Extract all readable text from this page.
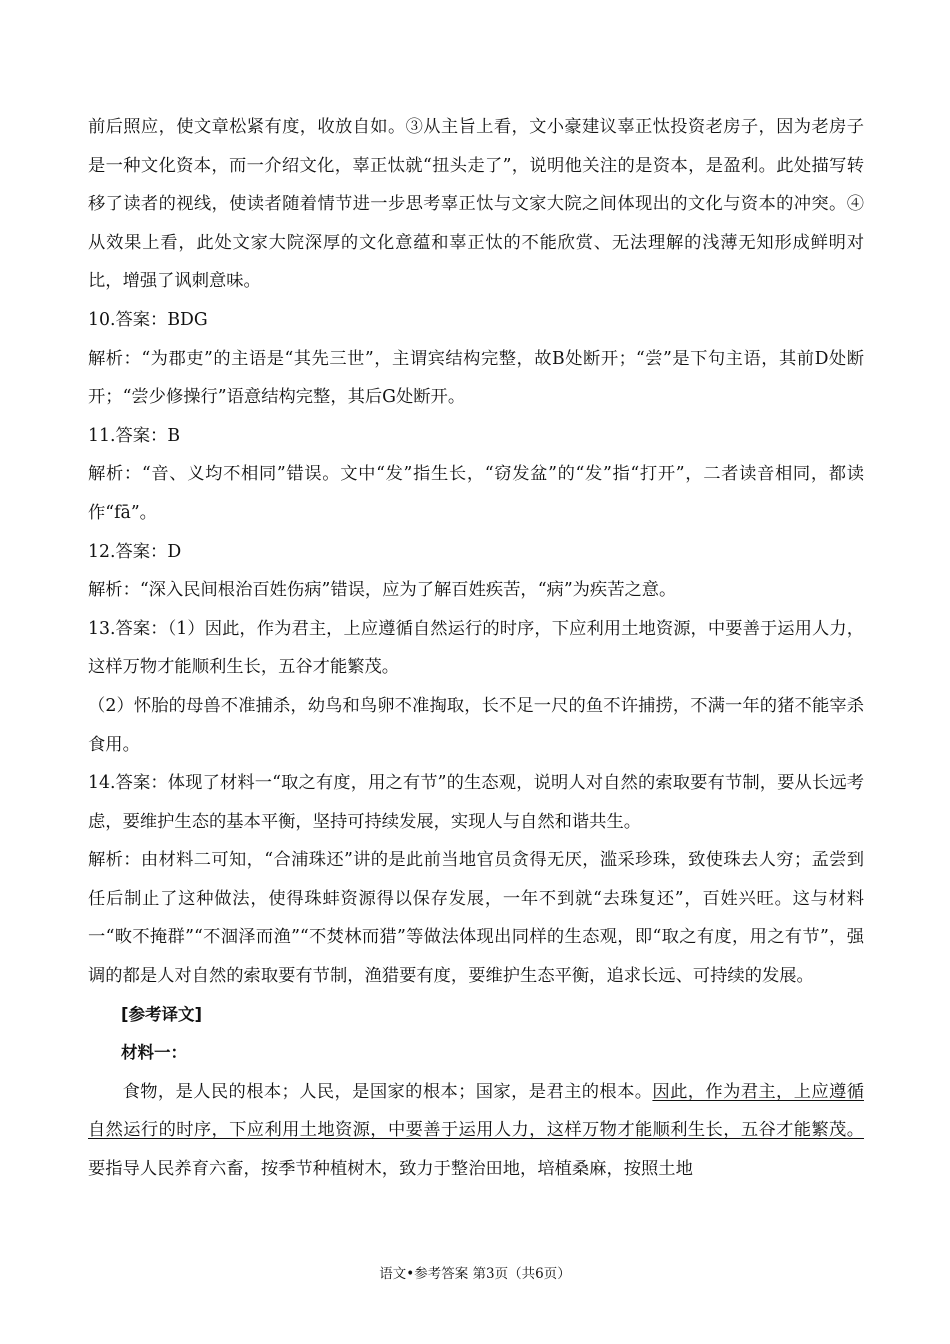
前后照应，使文章松紧有度，收放自如。③从主旨上看，文小豪建议辜正忲投资老房子，因为老房子是一种文化资本，而一介绍文化，辜正忲就“扭头走了”，说明他关注的是资本，是盈利。此处描写转移了读者的视线，使读者随着情节进一步思考辜正忲与文家大院之间体现出的文化与资本的冲突。④从效果上看，此处文家大院深厚的文化意蕴和辜正忲的不能欣赏、无法理解的浅薄无知形成鲜明对比，增强了讽刺意味。

10.答案：BDG

解析：“为郡吏”的主语是“其先三世”，主谓宾结构完整，故B处断开；“尝”是下句主语，其前D处断开；“尝少修操行”语意结构完整，其后G处断开。

11.答案：B

解析：“音、义均不相同”错误。文中“发”指生长，“窃发盆”的“发”指“打开”，二者读音相同，都读作“fā”。

12.答案：D

解析：“深入民间根治百姓伤病”错误，应为了解百姓疾苦，“病”为疾苦之意。

13.答案：（1）因此，作为君主，上应遵循自然运行的时序，下应利用土地资源，中要善于运用人力，这样万物才能顺利生长，五谷才能繁茂。

（2）怀胎的母兽不准捕杀，幼鸟和鸟卵不准掏取，长不足一尺的鱼不许捕捞，不满一年的猪不能宰杀食用。

14.答案：体现了材料一“取之有度，用之有节”的生态观，说明人对自然的索取要有节制，要从长远考虑，要维护生态的基本平衡，坚持可持续发展，实现人与自然和谐共生。

解析：由材料二可知，“合浦珠还”讲的是此前当地官员贪得无厌，滥采珍珠，致使珠去人穷；孟尝到任后制止了这种做法，使得珠蚌资源得以保存发展，一年不到就“去珠复还”，百姓兴旺。这与材料一“畋不掩群”“不涸泽而渔”“不焚林而猎”等做法体现出同样的生态观，即“取之有度，用之有节”，强调的都是人对自然的索取要有节制，渔猎要有度，要维护生态平衡，追求长远、可持续的发展。

[参考译文]

材料一：

食物，是人民的根本；人民，是国家的根本；国家，是君主的根本。因此，作为君主，上应遵循自然运行的时序，下应利用土地资源，中要善于运用人力，这样万物才能顺利生长，五谷才能繁茂。要指导人民养育六畜，按季节种植树木，致力于整治田地，培植桑麻，按照土地

语文•参考答案 第3页（共6页）
